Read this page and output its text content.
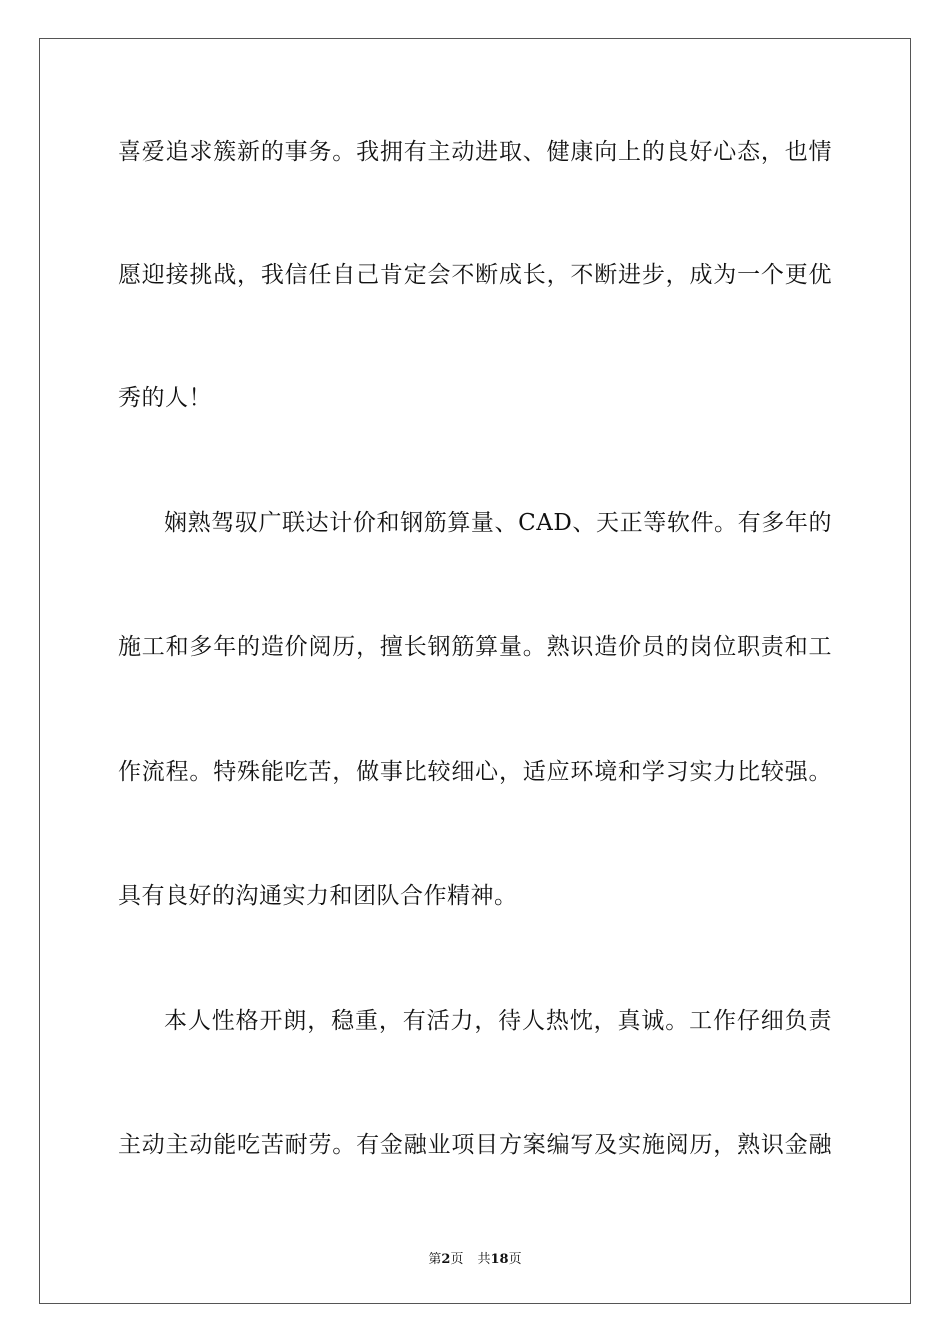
喜爱追求簇新的事务。我拥有主动进取、健康向上的良好心态，也情
愿迎接挑战，我信任自己肯定会不断成长，不断进步，成为一个更优
秀的人！
娴熟驾驭广联达计价和钢筋算量、CAD、天正等软件。有多年的
施工和多年的造价阅历，擅长钢筋算量。熟识造价员的岗位职责和工
作流程。特殊能吃苦，做事比较细心，适应环境和学习实力比较强。
具有良好的沟通实力和团队合作精神。
本人性格开朗，稳重，有活力，待人热忱，真诚。工作仔细负责
主动主动能吃苦耐劳。有金融业项目方案编写及实施阅历，熟识金融
第2页 共18页
